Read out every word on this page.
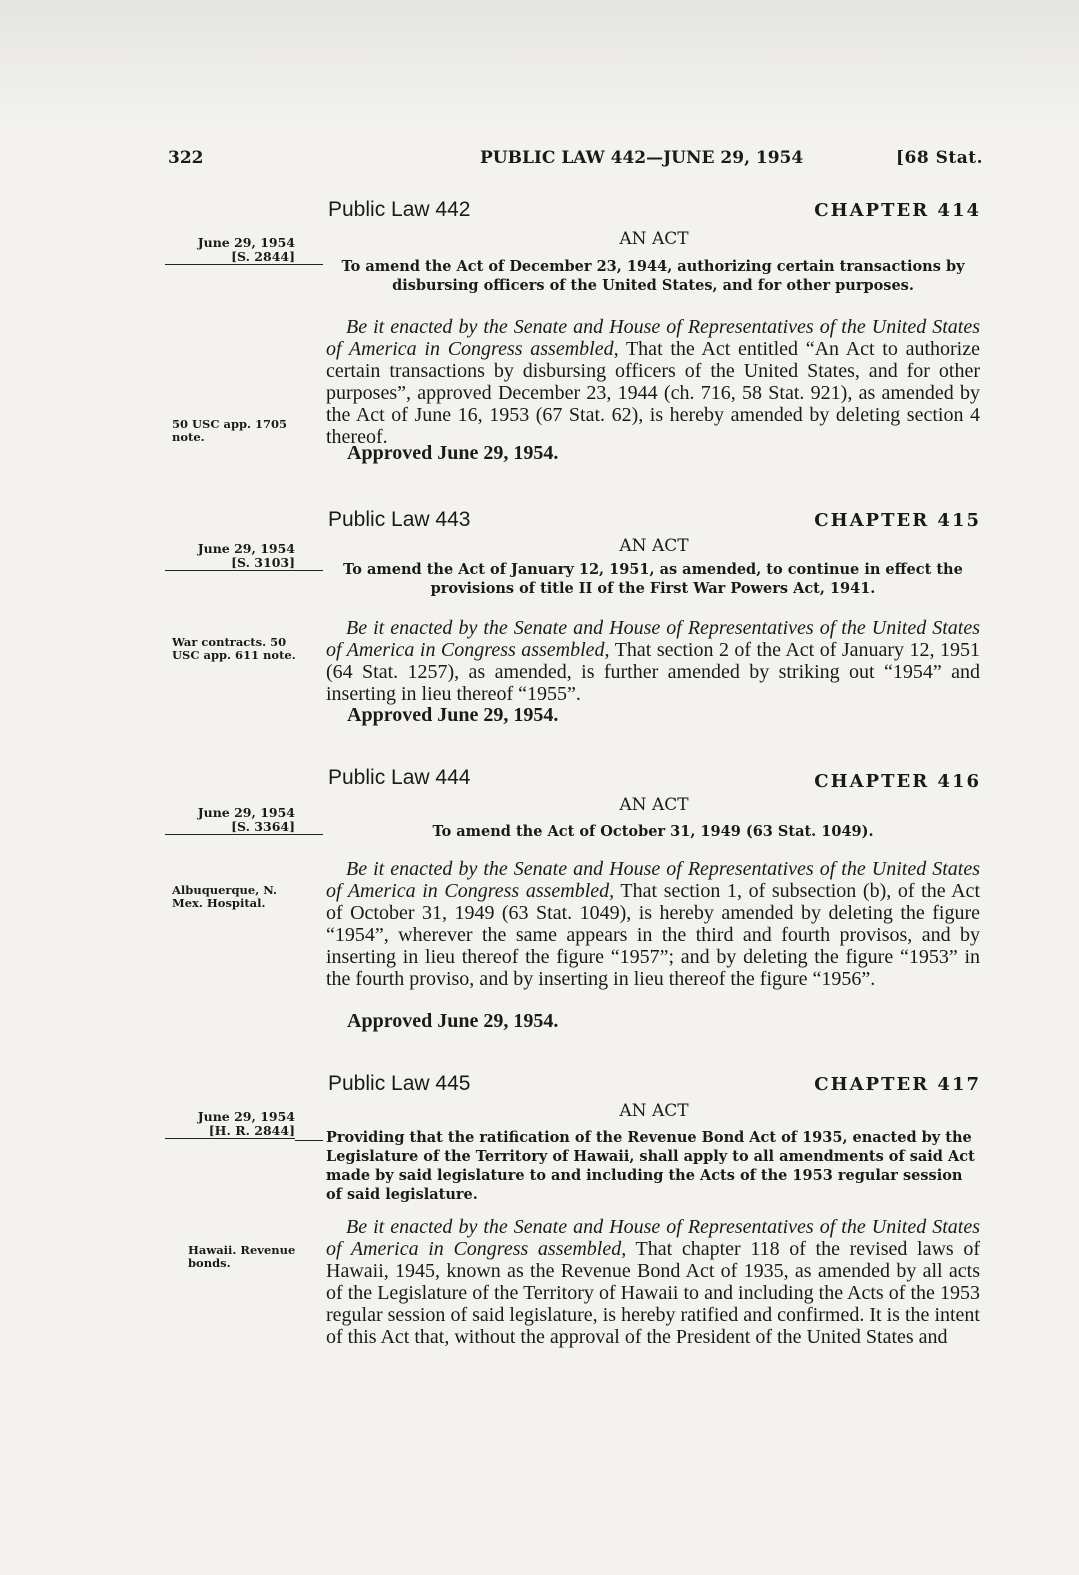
322	PUBLIC LAW 442—JUNE 29, 1954	[68 Stat.
Public Law 442	CHAPTER 414
AN ACT
June 29, 1954
[S. 2844]
To amend the Act of December 23, 1944, authorizing certain transactions by disbursing officers of the United States, and for other purposes.
 Be it enacted by the Senate and House of Representatives of the United States of America in Congress assembled, That the Act entitled “An Act to authorize certain transactions by disbursing officers of the United States, and for other purposes”, approved December 23, 1944 (ch. 716, 58 Stat. 921), as amended by the Act of June 16, 1953 (67 Stat. 62), is hereby amended by deleting section 4 thereof.
50 USC app. 1705 note.
Approved June 29, 1954.
Public Law 443	CHAPTER 415
AN ACT
June 29, 1954
[S. 3103]	To amend the Act of January 12, 1951, as amended, to continue in effect the provisions of title II of the First War Powers Act, 1941.
 Be it enacted by the Senate and House of Representatives of the United States of America in Congress assembled, That section 2 of the Act of January 12, 1951 (64 Stat. 1257), as amended, is further amended by striking out “1954” and inserting in lieu thereof “1955”.
War contracts. 50 USC app. 611 note.
Approved June 29, 1954.
Public Law 444	CHAPTER 416
AN ACT
June 29, 1954
[S. 3364]	To amend the Act of October 31, 1949 (63 Stat. 1049).
 Be it enacted by the Senate and House of Representatives of the United States of America in Congress assembled, That section 1, of subsection (b), of the Act of October 31, 1949 (63 Stat. 1049), is hereby amended by deleting the figure “1954”, wherever the same appears in the third and fourth provisos, and by inserting in lieu thereof the figure “1957”; and by deleting the figure “1953” in the fourth proviso, and by inserting in lieu thereof the figure “1956”.
Albuquerque, N. Mex. Hospital.
Approved June 29, 1954.
Public Law 445	CHAPTER 417
AN ACT
June 29, 1954
[H. R. 2844] Providing that the ratification of the Revenue Bond Act of 1935, enacted by the Legislature of the Territory of Hawaii, shall apply to all amendments of said Act made by said legislature to and including the Acts of the 1953 regular session of said legislature.
 Be it enacted by the Senate and House of Representatives of the United States of America in Congress assembled, That chapter 118 of the revised laws of Hawaii, 1945, known as the Revenue Bond Act of 1935, as amended by all acts of the Legislature of the Territory of Hawaii to and including the Acts of the 1953 regular session of said legislature, is hereby ratified and confirmed. It is the intent of this Act that, without the approval of the President of the United States and
Hawaii. Revenue bonds.
